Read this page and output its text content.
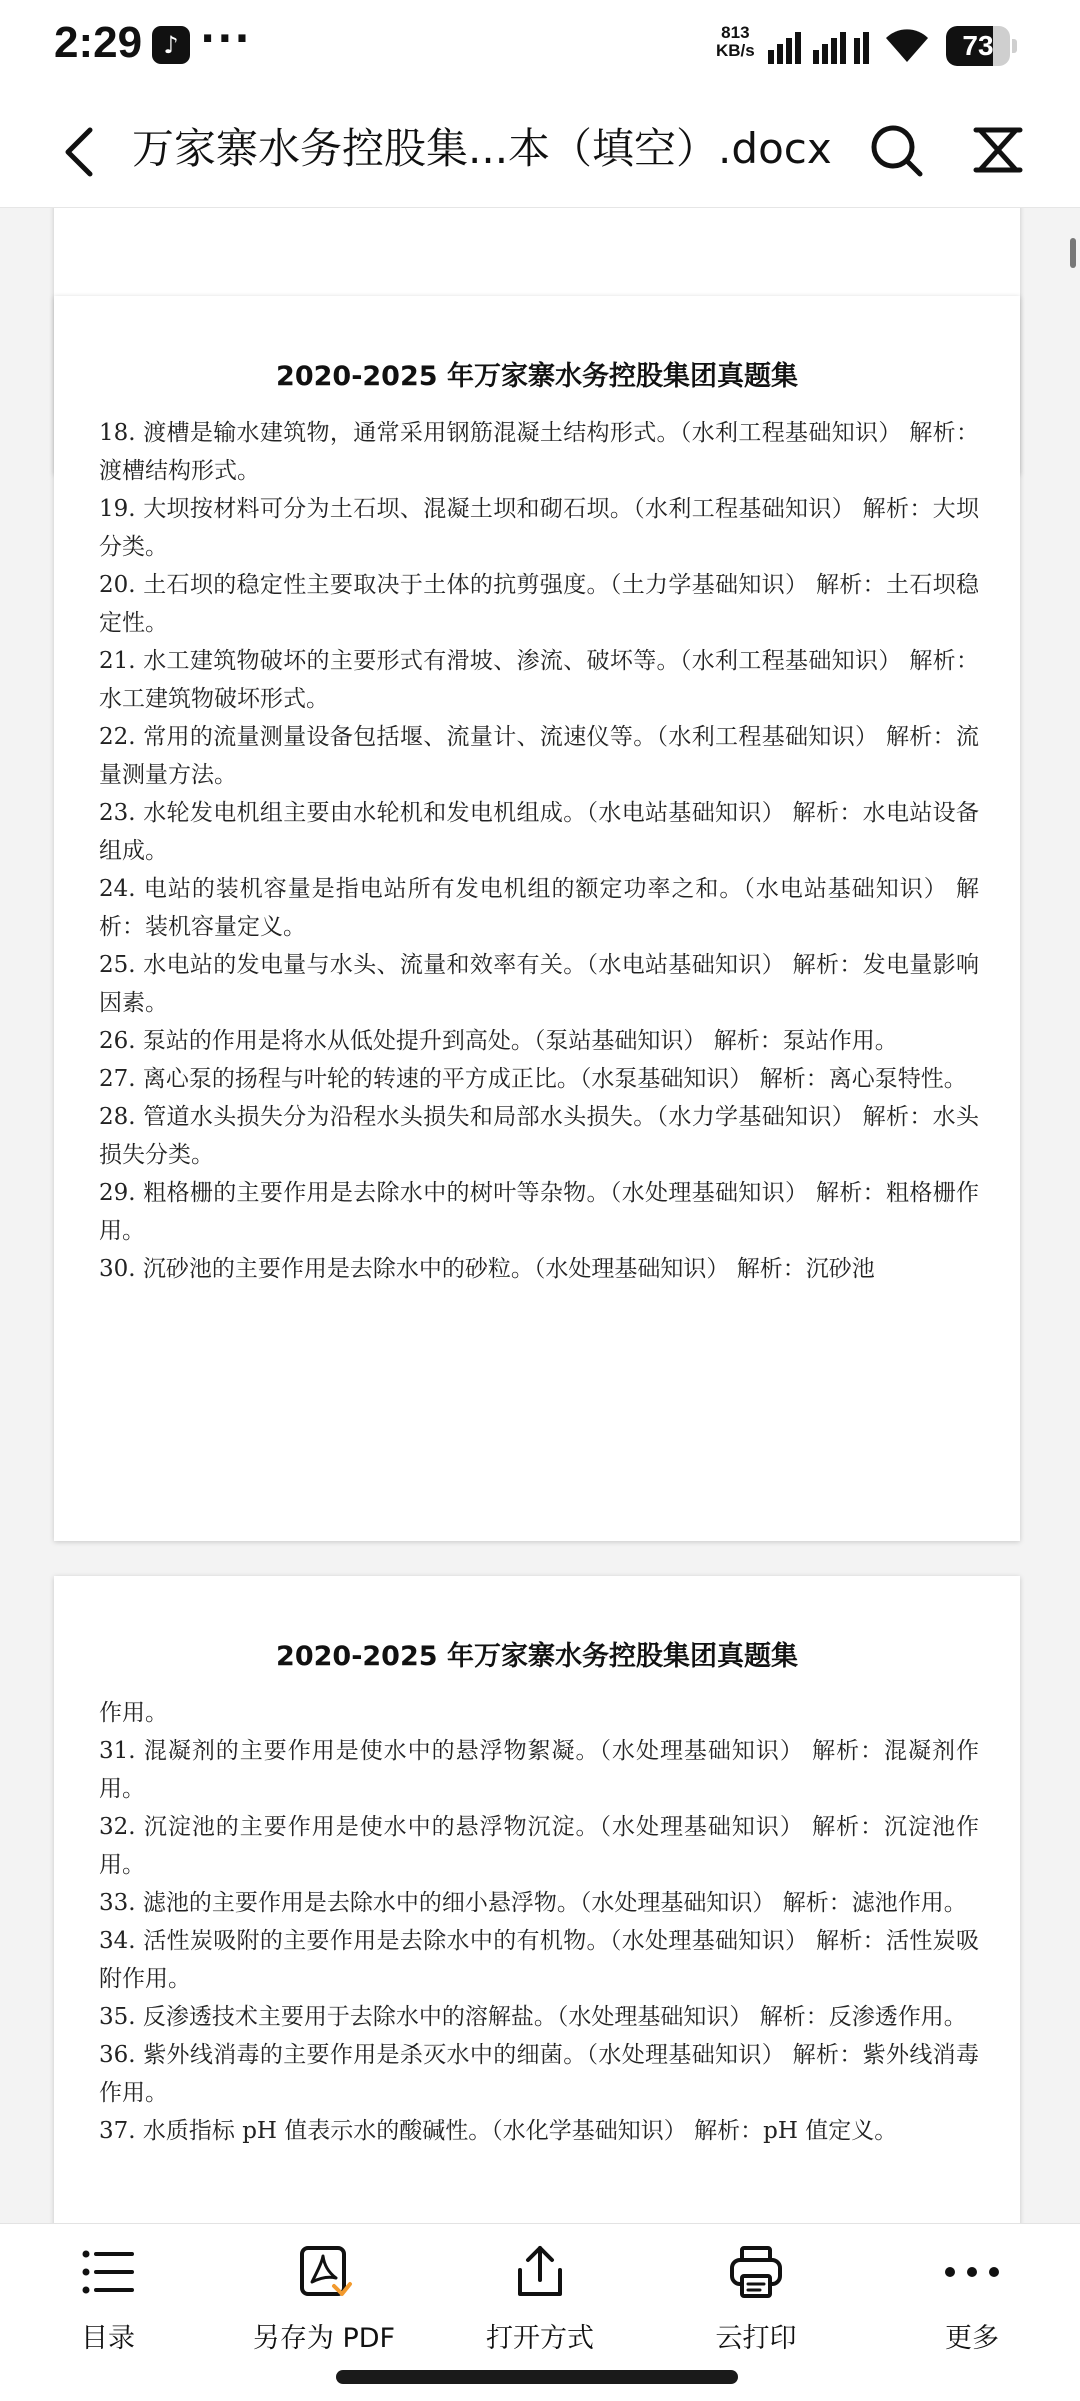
2:29 ♪ ···	813
KB/s	73
万家寨水务控股集...本（填空）.docx
2020-2025 年万家寨水务控股集团真题集
18. 渡槽是输水建筑物，通常采用钢筋混凝土结构形式。（水利工程基础知识） 解析：渡槽结构形式。
19. 大坝按材料可分为土石坝、混凝土坝和砌石坝。（水利工程基础知识） 解析：大坝分类。
20. 土石坝的稳定性主要取决于土体的抗剪强度。（土力学基础知识） 解析：土石坝稳定性。
21. 水工建筑物破坏的主要形式有滑坡、渗流、破坏等。（水利工程基础知识） 解析：水工建筑物破坏形式。
22. 常用的流量测量设备包括堰、流量计、流速仪等。（水利工程基础知识） 解析：流量测量方法。
23. 水轮发电机组主要由水轮机和发电机组成。（水电站基础知识） 解析：水电站设备组成。
24. 电站的装机容量是指电站所有发电机组的额定功率之和。（水电站基础知识） 解析：装机容量定义。
25. 水电站的发电量与水头、流量和效率有关。（水电站基础知识） 解析：发电量影响因素。
26. 泵站的作用是将水从低处提升到高处。（泵站基础知识） 解析：泵站作用。
27. 离心泵的扬程与叶轮的转速的平方成正比。（水泵基础知识） 解析：离心泵特性。
28. 管道水头损失分为沿程水头损失和局部水头损失。（水力学基础知识） 解析：水头损失分类。
29. 粗格栅的主要作用是去除水中的树叶等杂物。（水处理基础知识） 解析：粗格栅作用。
30. 沉砂池的主要作用是去除水中的砂粒。（水处理基础知识） 解析：沉砂池
2020-2025 年万家寨水务控股集团真题集
作用。
31. 混凝剂的主要作用是使水中的悬浮物絮凝。（水处理基础知识） 解析：混凝剂作用。
32. 沉淀池的主要作用是使水中的悬浮物沉淀。（水处理基础知识） 解析：沉淀池作用。
33. 滤池的主要作用是去除水中的细小悬浮物。（水处理基础知识） 解析：滤池作用。
34. 活性炭吸附的主要作用是去除水中的有机物。（水处理基础知识） 解析：活性炭吸附作用。
35. 反渗透技术主要用于去除水中的溶解盐。（水处理基础知识） 解析：反渗透作用。
36. 紫外线消毒的主要作用是杀灭水中的细菌。（水处理基础知识） 解析：紫外线消毒作用。
37. 水质指标 pH 值表示水的酸碱性。（水化学基础知识） 解析：pH 值定义。
目录	另存为 PDF	打开方式	云打印	更多
